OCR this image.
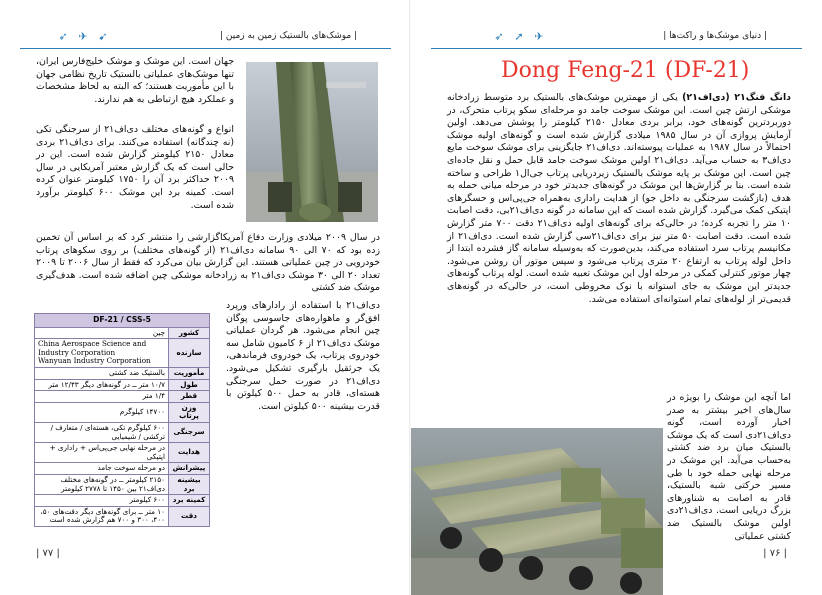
➶ ✈ ➹	| موشک‌های بالستیک زمین به زمین |

جهان است. این موشک و موشک خلیج‌فارس ایران، تنها موشک‌های عملیاتی بالستیک تاریخ نظامی جهان با این مأموریت هستند؛ که البته به لحاظ مشخصات و عملکرد هیچ ارتباطی به هم ندارند.

انواع و گونه‌های مختلف دی‌اف۲۱ از سرجنگی تکی (نه چندگانه) استفاده می‌کنند. برای دی‌اف۲۱ بردی معادل ۲۱۵۰ کیلومتر گزارش شده است. این در حالی است که یک گزارش معتبر آمریکایی در سال ۲۰۰۹ حداکثر برد آن را ۱۷۵۰ کیلومتر عنوان کرده است. کمینه برد این موشک ۶۰۰ کیلومتر برآورد شده است.

در سال ۲۰۰۹ میلادی وزارت دفاع آمریکاگزارشی را منتشر کرد که بر اساس آن تخمین زده بود که ۷۰ الی ۹۰ سامانه دی‌اف۲۱ (از گونه‌های مختلف) بر روی سکوهای پرتاب خودرویی در چین عملیاتی هستند. این گزارش بیان می‌کرد که فقط از سال ۲۰۰۶ تا ۲۰۰۹ تعداد ۲۰ الی ۳۰ موشک دی‌اف۲۱ به زرادخانه موشکی چین اضافه شده است. هدف‌گیری موشک ضد کشتی

دی‌اف۲۱ با استفاده از رادارهای ورپرد افق‌گر و ماهواره‌های جاسوسی پوگان چین انجام می‌شود. هر گردان عملیاتی موشک دی‌اف۲۱ از ۶ کامیون شامل سه خودروی پرتاب، یک خودروی فرماندهی، یک جرثقیل بارگیری تشکیل می‌شود. دی‌اف۲۱ در صورت حمل سرجنگی هسته‌ای، قادر به حمل ۵۰۰ کیلوتن با قدرت بیشینه ۵۰۰ کیلوتن است.

DF-21 / CSS-5	
چین	کشور
China Aerospace Science and Industry Corporation
Wanyuan Industry Corporation	سازنده
بالستیک ضد کشتی	مأموریت
۱۰/۷ متر ــ در گونه‌های دیگر ۱۲/۴۳ متر	طول
۱/۴ متر	قطر
۱۴۷۰۰ کیلوگرم	وزن پرتاب
۶۰۰ کیلوگرم تکی، هسته‌ای / متعارف / ترکشی / شیمیایی	سرجنگی
در مرحله نهایی جی‌پی‌اس + راداری + اپتیکی	هدایت
دو مرحله سوخت جامد	پیشرانش
۲۱۵۰ کیلومتر ــ در گونه‌های مختلف دی‌اف۲۱ بین ۱۴۵۰ تا ۲۷۷۸ کیلومتر	بیشینه برد
۶۰۰ کیلومتر	کمینه برد
۱۰ متر ــ برای گونه‌های دیگر دقت‌های ۵۰، ۴۰۰، ۳۰۰ و ۷۰۰ هم گزارش شده است	دقت
| ۷۷ |
➶ ➚ ✈	| دنیای موشک‌ها و راکت‌ها |
Dong Feng-21 (DF-21)
دانگ فنگ۲۱ (دی‌اف۲۱) یکی از مهمترین موشک‌های بالستیک برد متوسط زرادخانه موشکی ارتش چین است. این موشک سوخت جامد دو مرحله‌ای سکو پرتاب متحرک، در دوربردترین گونه‌های خود، برابر بردی معادل ۲۱۵۰ کیلومتر را پوشش می‌دهد. اولین آزمایش پروازی آن در سال ۱۹۸۵ میلادی گزارش شده است و گونه‌های اولیه موشک احتمالاً در سال ۱۹۸۷ به عملیات پیوسته‌اند. دی‌اف۲۱ جایگزینی برای موشک سوخت مایع دی‌اف۳ به حساب می‌آید. دی‌اف۲۱ اولین موشک سوخت جامد قابل حمل و نقل جاده‌ای چین است. این موشک بر پایه موشک بالستیک زیردریایی پرتاب جی‌ال۱ طراحی و ساخته شده است. بنا بر گزارش‌ها این موشک در گونه‌های جدیدتر خود در مرحله میانی حمله به هدف (بازگشت سرجنگی به داخل جو) از هدایت راداری به‌همراه جی‌پی‌اس و حسگرهای اپتیکی کمک می‌گیرد. گزارش شده است که این سامانه در گونه دی‌اف۲۱بی، دقت اصابت ۱۰ متر را تجربه کرده؛ در حالی‌که برای گونه‌های اولیه دی‌اف۲۱ دقت ۷۰۰ متر گزارش شده است. دقت اصابت ۵۰ متر نیز برای دی‌اف۲۱سی گزارش شده است. دی‌اف۲۱ از مکانیسم پرتاب سرد استفاده می‌کند، بدین‌صورت که به‌وسیله سامانه گاز فشرده ابتدا از داخل لوله پرتاب به ارتفاع ۲۰ متری پرتاب می‌شود و سپس موتور آن روشن می‌شود. چهار موتور کنترلی کمکی در مرحله اول این موشک تعبیه شده است. لوله پرتاب گونه‌های جدیدتر این موشک به جای استوانه با نوک مخروطی است، در حالی‌که در گونه‌های قدیمی‌تر از لوله‌های تمام استوانه‌ای استفاده می‌شد.

اما آنچه این موشک را بویژه در سال‌های اخیر بیشتر به صدر اخبار آورده است، گونه دی‌اف۲۱دی است که یک موشک بالستیک میان برد ضد کشتی به‌حساب می‌آید. این موشک در مرحله نهایی حمله خود با طی مسیر حرکتی شبه بالستیک، قادر به اصابت به شناورهای بزرگ دریایی است. دی‌اف۲۱دی اولین موشک بالستیک ضد کشتی عملیاتی

| ۷۶ |
